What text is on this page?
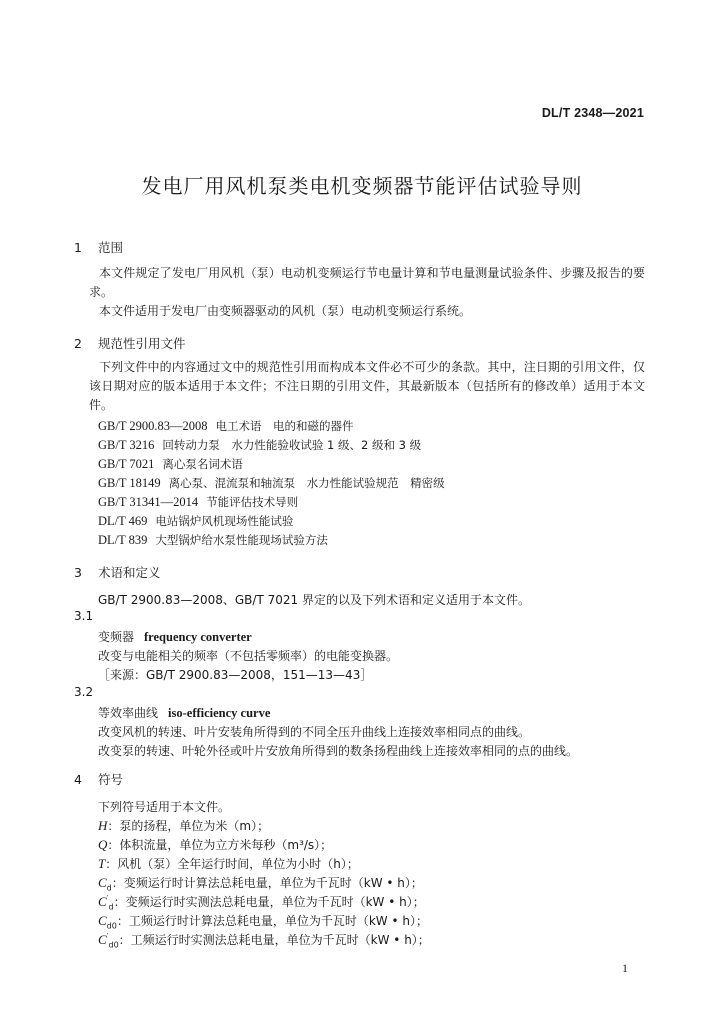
DL/T 2348—2021
发电厂用风机泵类电机变频器节能评估试验导则
1 范围
本文件规定了发电厂用风机（泵）电动机变频运行节电量计算和节电量测量试验条件、步骤及报告的要求。
本文件适用于发电厂由变频器驱动的风机（泵）电动机变频运行系统。
2 规范性引用文件
下列文件中的内容通过文中的规范性引用而构成本文件必不可少的条款。其中，注日期的引用文件，仅该日期对应的版本适用于本文件；不注日期的引用文件，其最新版本（包括所有的修改单）适用于本文件。
GB/T 2900.83—2008 电工术语　电的和磁的器件
GB/T 3216 回转动力泵　水力性能验收试验 1 级、2 级和 3 级
GB/T 7021 离心泵名词术语
GB/T 18149 离心泵、混流泵和轴流泵　水力性能试验规范　精密级
GB/T 31341—2014 节能评估技术导则
DL/T 469 电站锅炉风机现场性能试验
DL/T 839 大型锅炉给水泵性能现场试验方法
3 术语和定义
GB/T 2900.83—2008、GB/T 7021 界定的以及下列术语和定义适用于本文件。
3.1
变频器 frequency converter
改变与电能相关的频率（不包括零频率）的电能变换器。
［来源：GB/T 2900.83—2008，151—13—43］
3.2
等效率曲线 iso-efficiency curve
改变风机的转速、叶片安装角所得到的不同全压升曲线上连接效率相同点的曲线。
改变泵的转速、叶轮外径或叶片安放角所得到的数条扬程曲线上连接效率相同的点的曲线。
4 符号
下列符号适用于本文件。
H：泵的扬程，单位为米（m）；
Q：体积流量，单位为立方米每秒（m³/s）；
T：风机（泵）全年运行时间，单位为小时（h）；
$C_d$：变频运行时计算法总耗电量，单位为千瓦时（kW • h）；
$C'_d$：变频运行时实测法总耗电量，单位为千瓦时（kW • h）；
$C_{d0}$：工频运行时计算法总耗电量，单位为千瓦时（kW • h）；
$C'_{d0}$：工频运行时实测法总耗电量，单位为千瓦时（kW • h）；
1
